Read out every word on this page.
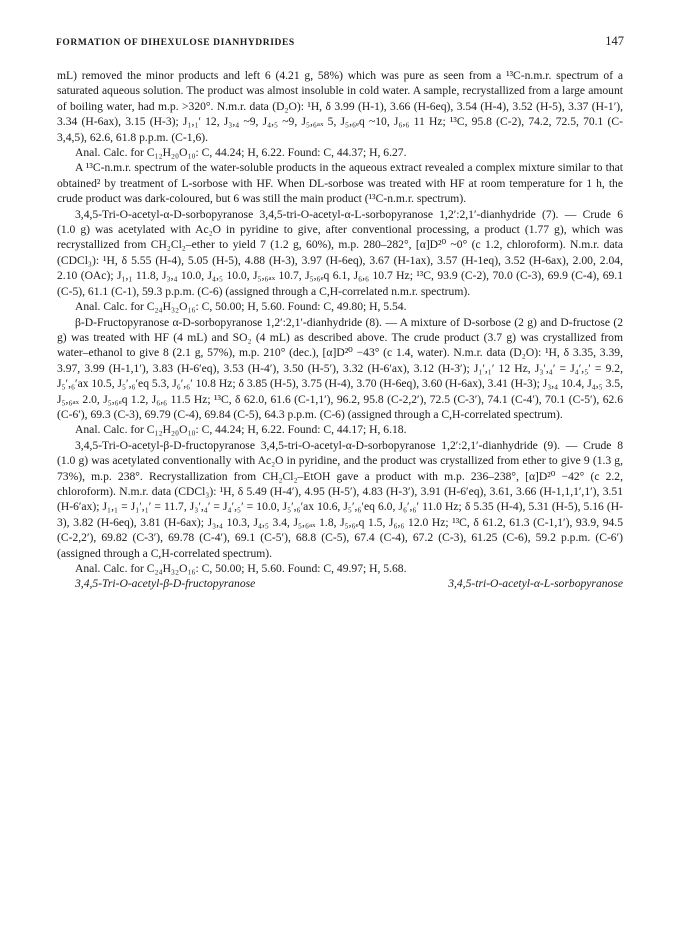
FORMATION OF DIHEXULOSE DIANHYDRIDES	147

mL) removed the minor products and left 6 (4.21 g, 58%) which was pure as seen from a ¹³C-n.m.r. spectrum of a saturated aqueous solution. The product was almost insoluble in cold water. A sample, recrystallized from a large amount of boiling water, had m.p. >320°. N.m.r. data (D₂O): ¹H, δ 3.99 (H-1), 3.66 (H-6eq), 3.54 (H-4), 3.52 (H-5), 3.37 (H-1′), 3.34 (H-6ax), 3.15 (H-3); J₁,₁′ 12, J₃,₄ ~9, J₄,₅ ~9, J₅,₆ₐₓ 5, J₅,₆ₑq ~10, J₆,₆ 11 Hz; ¹³C, 95.8 (C-2), 74.2, 72.5, 70.1 (C-3,4,5), 62.6, 61.8 p.p.m. (C-1,6).

Anal. Calc. for C₁₂H₂₀O₁₀: C, 44.24; H, 6.22. Found: C, 44.37; H, 6.27.

A ¹³C-n.m.r. spectrum of the water-soluble products in the aqueous extract revealed a complex mixture similar to that obtained² by treatment of L-sorbose with HF. When DL-sorbose was treated with HF at room temperature for 1 h, the crude product was dark-coloured, but 6 was still the main product (¹³C-n.m.r. spectrum).

3,4,5-Tri-O-acetyl-α-D-sorbopyranose 3,4,5-tri-O-acetyl-α-L-sorbopyranose 1,2′:2,1′-dianhydride (7). — Crude 6 (1.0 g) was acetylated with Ac₂O in pyridine to give, after conventional processing, a product (1.77 g), which was recrystallized from CH₂Cl₂–ether to yield 7 (1.2 g, 60%), m.p. 280–282°, [α]D²⁰ ~0° (c 1.2, chloroform). N.m.r. data (CDCl₃): ¹H, δ 5.55 (H-4), 5.05 (H-5), 4.88 (H-3), 3.97 (H-6eq), 3.67 (H-1ax), 3.57 (H-1eq), 3.52 (H-6ax), 2.00, 2.04, 2.10 (OAc); J₁,₁ 11.8, J₃,₄ 10.0, J₄,₅ 10.0, J₅,₆ₐₓ 10.7, J₅,₆ₑq 6.1, J₆,₆ 10.7 Hz; ¹³C, 93.9 (C-2), 70.0 (C-3), 69.9 (C-4), 69.1 (C-5), 61.1 (C-1), 59.3 p.p.m. (C-6) (assigned through a C,H-correlated n.m.r. spectrum).

Anal. Calc. for C₂₄H₃₂O₁₆: C, 50.00; H, 5.60. Found: C, 49.80; H, 5.54.

β-D-Fructopyranose α-D-sorbopyranose 1,2′:2,1′-dianhydride (8). — A mixture of D-sorbose (2 g) and D-fructose (2 g) was treated with HF (4 mL) and SO₂ (4 mL) as described above. The crude product (3.7 g) was crystallized from water–ethanol to give 8 (2.1 g, 57%), m.p. 210° (dec.), [α]D²⁰ −43° (c 1.4, water). N.m.r. data (D₂O): ¹H, δ 3.35, 3.39, 3.97, 3.99 (H-1,1′), 3.83 (H-6′eq), 3.53 (H-4′), 3.50 (H-5′), 3.32 (H-6′ax), 3.12 (H-3′); J₁′,₁′ 12 Hz, J₃′,₄′ = J₄′,₅′ = 9.2, J₅′,₆′ax 10.5, J₅′,₆′eq 5.3, J₆′,₆′ 10.8 Hz; δ 3.85 (H-5), 3.75 (H-4), 3.70 (H-6eq), 3.60 (H-6ax), 3.41 (H-3); J₃,₄ 10.4, J₄,₅ 3.5, J₅,₆ₐₓ 2.0, J₅,₆ₑq 1.2, J₆,₆ 11.5 Hz; ¹³C, δ 62.0, 61.6 (C-1,1′), 96.2, 95.8 (C-2,2′), 72.5 (C-3′), 74.1 (C-4′), 70.1 (C-5′), 62.6 (C-6′), 69.3 (C-3), 69.79 (C-4), 69.84 (C-5), 64.3 p.p.m. (C-6) (assigned through a C,H-correlated spectrum).

Anal. Calc. for C₁₂H₂₀O₁₀: C, 44.24; H, 6.22. Found: C, 44.17; H, 6.18.

3,4,5-Tri-O-acetyl-β-D-fructopyranose 3,4,5-tri-O-acetyl-α-D-sorbopyranose 1,2′:2,1′-dianhydride (9). — Crude 8 (1.0 g) was acetylated conventionally with Ac₂O in pyridine, and the product was crystallized from ether to give 9 (1.3 g, 73%), m.p. 238°. Recrystallization from CH₂Cl₂–EtOH gave a product with m.p. 236–238°, [α]D²⁰ −42° (c 2.2, chloroform). N.m.r. data (CDCl₃): ¹H, δ 5.49 (H-4′), 4.95 (H-5′), 4.83 (H-3′), 3.91 (H-6′eq), 3.61, 3.66 (H-1,1,1′,1′), 3.51 (H-6′ax); J₁,₁ = J₁′,₁′ = 11.7, J₃′,₄′ = J₄′,₅′ = 10.0, J₅′,₆′ax 10.6, J₅′,₆′eq 6.0, J₆′,₆′ 11.0 Hz; δ 5.35 (H-4), 5.31 (H-5), 5.16 (H-3), 3.82 (H-6eq), 3.81 (H-6ax); J₃,₄ 10.3, J₄,₅ 3.4, J₅,₆ₐₓ 1.8, J₅,₆ₑq 1.5, J₆,₆ 12.0 Hz; ¹³C, δ 61.2, 61.3 (C-1,1′), 93.9, 94.5 (C-2,2′), 69.82 (C-3′), 69.78 (C-4′), 69.1 (C-5′), 68.8 (C-5), 67.4 (C-4), 67.2 (C-3), 61.25 (C-6), 59.2 p.p.m. (C-6′) (assigned through a C,H-correlated spectrum).

Anal. Calc. for C₂₄H₃₂O₁₆: C, 50.00; H, 5.60. Found: C, 49.97; H, 5.68.

3,4,5-Tri-O-acetyl-β-D-fructopyranose	3,4,5-tri-O-acetyl-α-L-sorbopyranose
